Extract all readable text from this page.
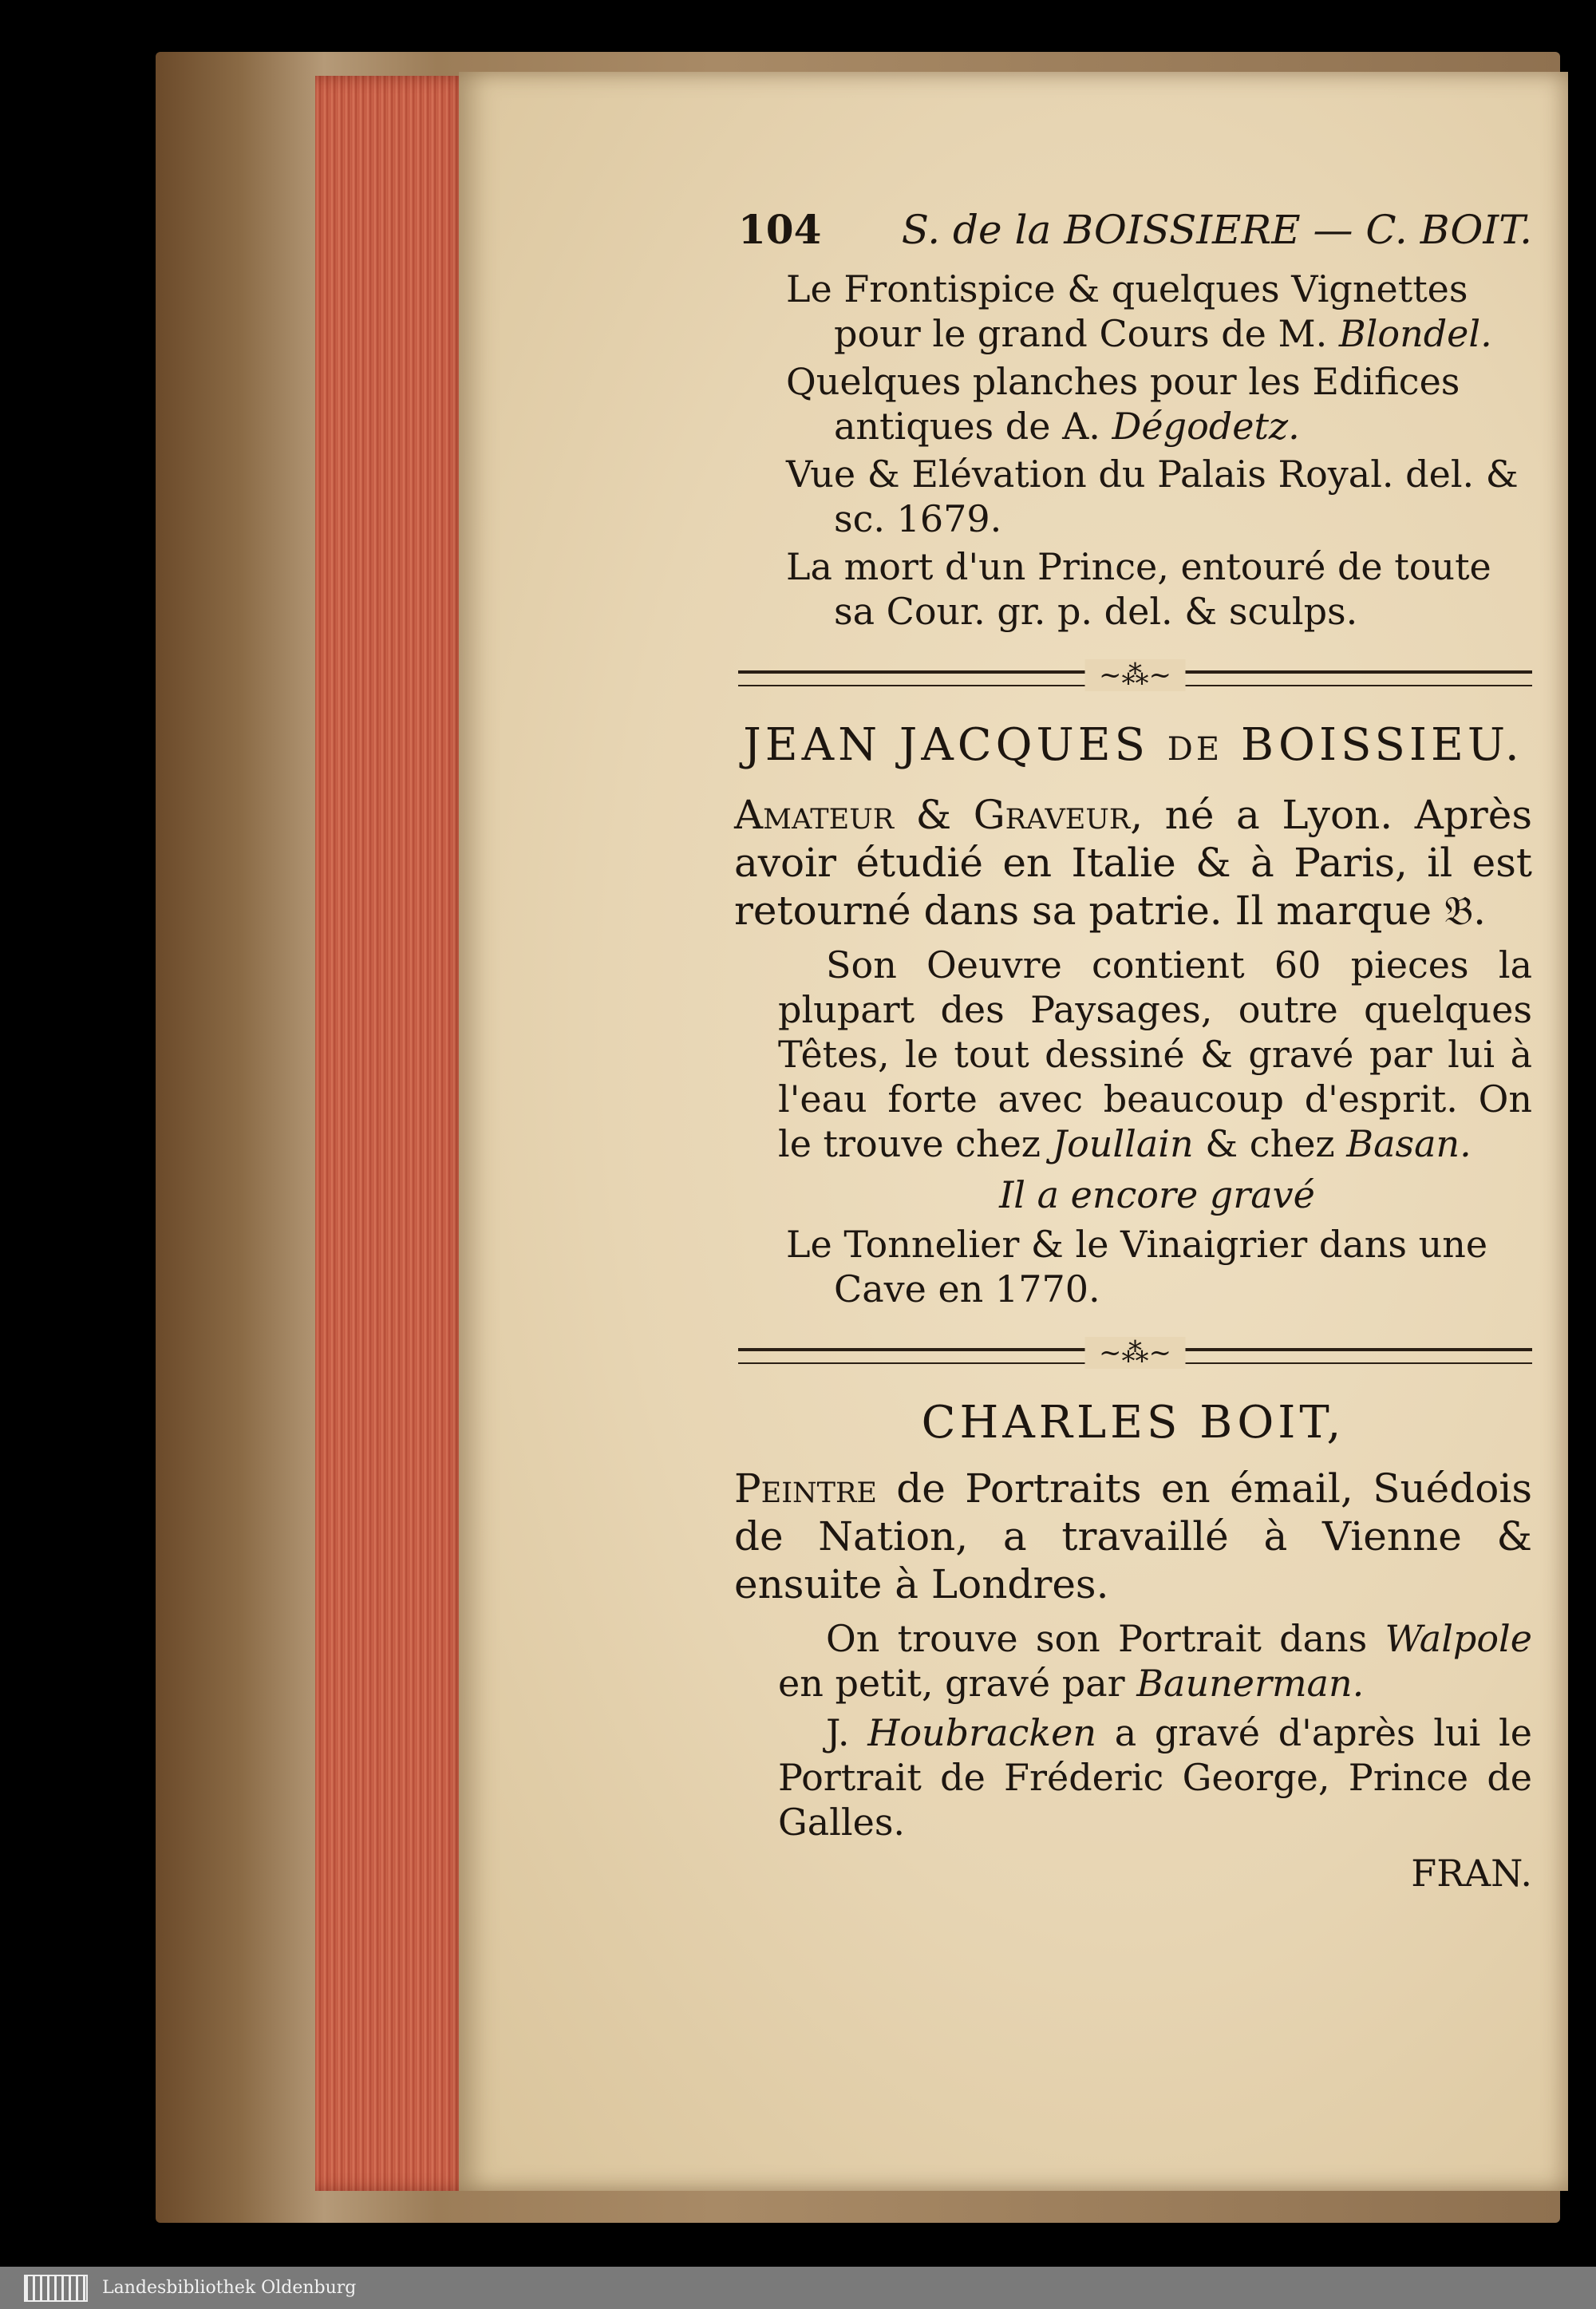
104 S. de la BOISSIERE — C. BOIT.
Le Frontispice & quelques Vignettes pour le grand Cours de M. Blondel.
Quelques planches pour les Edifices antiques de A. Dégodetz.
Vue & Elévation du Palais Royal. del. & sc. 1679.
La mort d'un Prince, entouré de toute sa Cour. gr. p. del. & sculps.
~⁂~
JEAN JACQUES DE BOISSIEU.
Amateur & Graveur, né a Lyon. Après avoir étudié en Italie & à Paris, il est retourné dans sa patrie. Il marque 𝔅.
Son Oeuvre contient 60 pieces la plupart des Paysages, outre quelques Têtes, le tout dessiné & gravé par lui à l'eau forte avec beaucoup d'esprit. On le trouve chez Joullain & chez Basan.
Il a encore gravé
Le Tonnelier & le Vinaigrier dans une Cave en 1770.
~⁂~
CHARLES BOIT,
Peintre de Portraits en émail, Suédois de Nation, a travaillé à Vienne & ensuite à Londres.
On trouve son Portrait dans Walpole en petit, gravé par Baunerman.
J. Houbracken a gravé d'après lui le Portrait de Fréderic George, Prince de Galles.
FRAN.
Landesbibliothek Oldenburg
